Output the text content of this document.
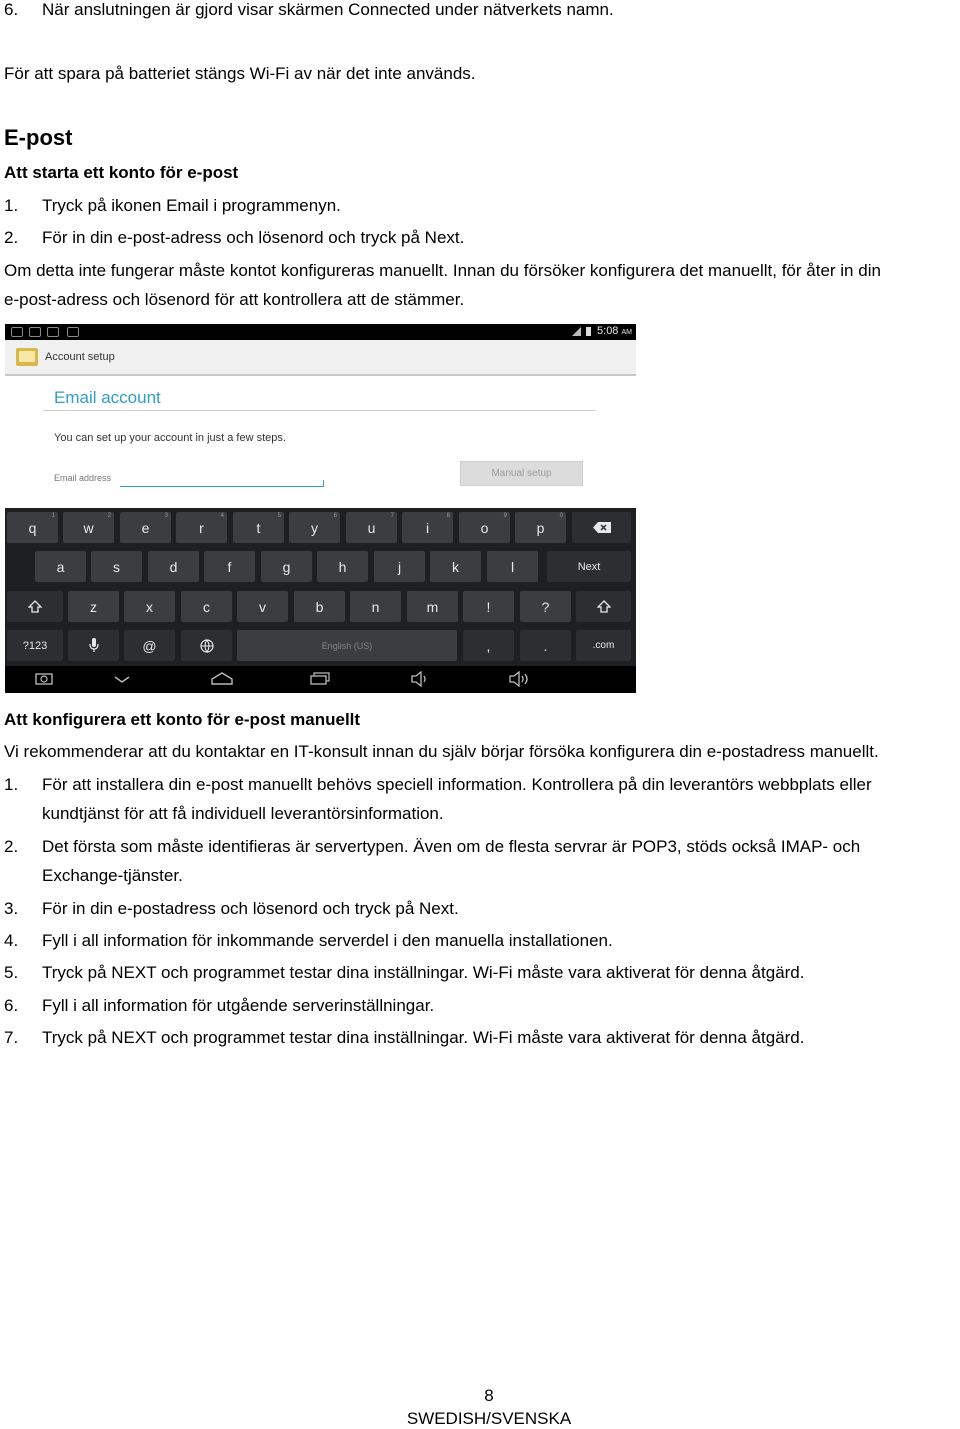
6. När anslutningen är gjord visar skärmen Connected under nätverkets namn.
För att spara på batteriet stängs Wi-Fi av när det inte används.
E-post
Att starta ett konto för e-post
1. Tryck på ikonen Email i programmenyn.
2. För in din e-post-adress och lösenord och tryck på Next.
Om detta inte fungerar måste kontot konfigureras manuellt. Innan du försöker konfigurera det manuellt, för åter in din
e-post-adress och lösenord för att kontrollera att de stämmer.
5:08 AM
Account setup
Email account
You can set up your account in just a few steps.
Email address	Manual setup
q
1
w
2
e
3
r
4
t
5
y
6
u
7
i
8
o
9
p
0
a	s	d	f	g	h	j	k	l	Next
z	x	c	v	b	n	m	!	?
?123	@	English (US)	,	.	.com
Att konfigurera ett konto för e-post manuellt
Vi rekommenderar att du kontaktar en IT-konsult innan du själv börjar försöka konfigurera din e-postadress manuellt.
1. För att installera din e-post manuellt behövs speciell information. Kontrollera på din leverantörs webbplats eller
kundtjänst för att få individuell leverantörsinformation.
2. Det första som måste identifieras är servertypen. Även om de flesta servrar är POP3, stöds också IMAP- och
Exchange-tjänster.
3. För in din e-postadress och lösenord och tryck på Next.
4. Fyll i all information för inkommande serverdel i den manuella installationen.
5. Tryck på NEXT och programmet testar dina inställningar. Wi-Fi måste vara aktiverat för denna åtgärd.
6. Fyll i all information för utgående serverinställningar.
7. Tryck på NEXT och programmet testar dina inställningar. Wi-Fi måste vara aktiverat för denna åtgärd.
8
SWEDISH/SVENSKA
